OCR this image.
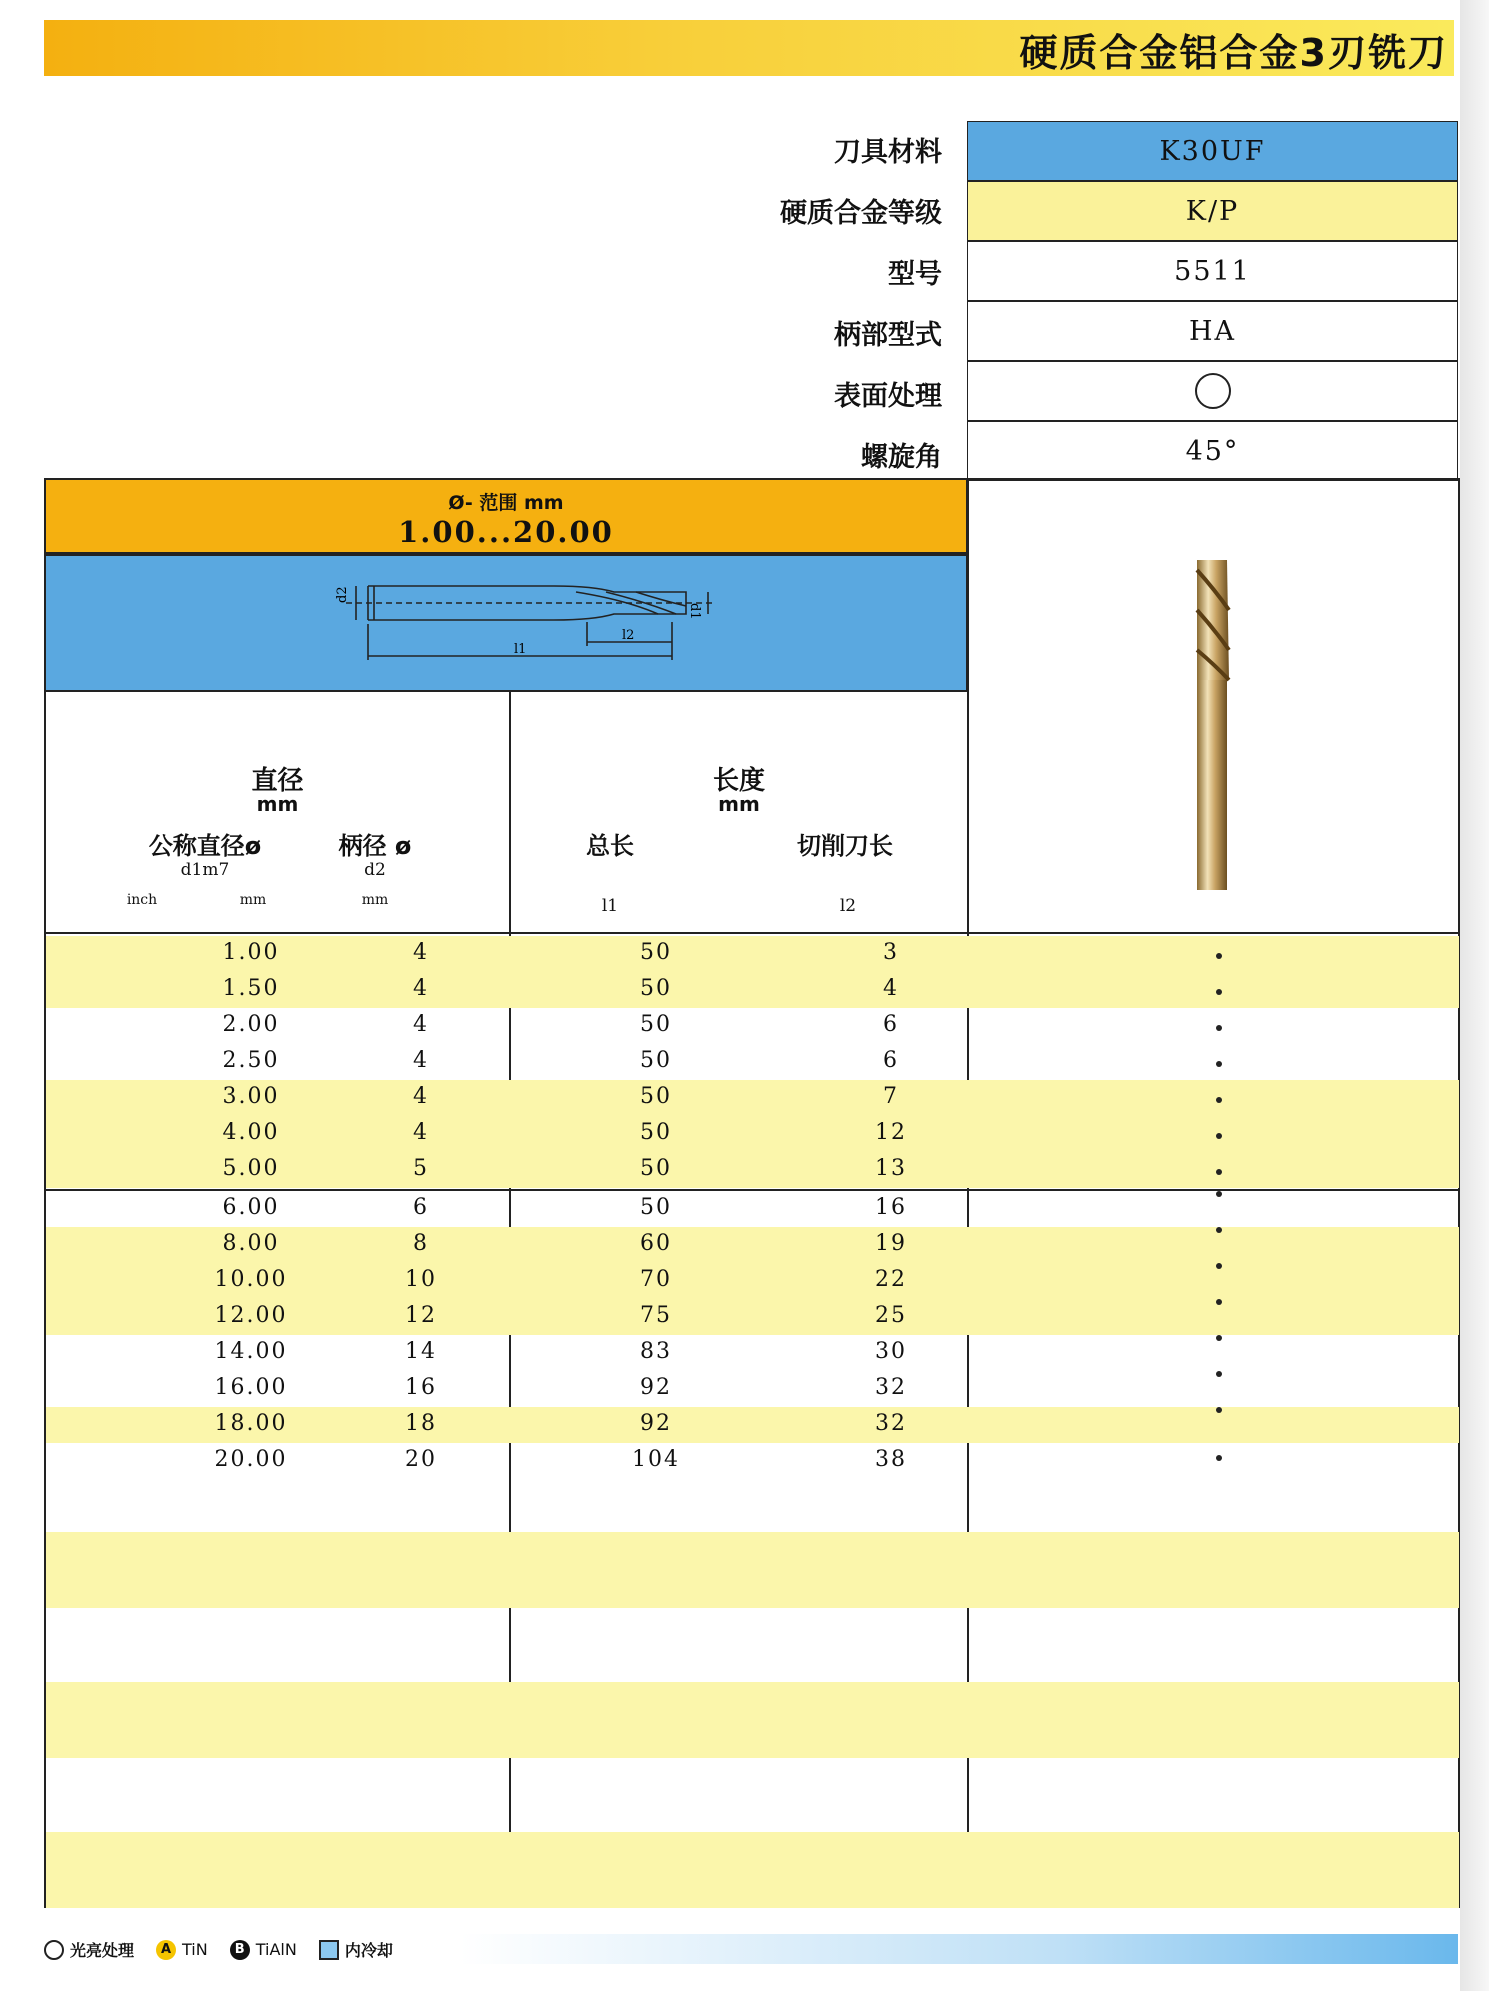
硬质合金铝合金3刃铣刀
刀具材料	K30UF
硬质合金等级	K/P
型号	5511
柄部型式	HA
表面处理
螺旋角	45°
Ø- 范围 mm
1.00...20.00
d2
d1
l1
l2
直径
mm
长度
mm
公称直径ø
d1m7
柄径 ø
d2
总长	切削刀长
inch	mm	mm	l1	l2
1.00	4	50	3
1.50	4	50	4
2.00	4	50	6
2.50	4	50	6
3.00	4	50	7
4.00	4	50	12
5.00	5	50	13
6.00	6	50	16
8.00	8	60	19
10.00	10	70	22
12.00	12	75	25
14.00	14	83	30
16.00	16	92	32
18.00	18	92	32
20.00	20	104	38
光亮处理	A TiN	B TiAlN	内冷却
